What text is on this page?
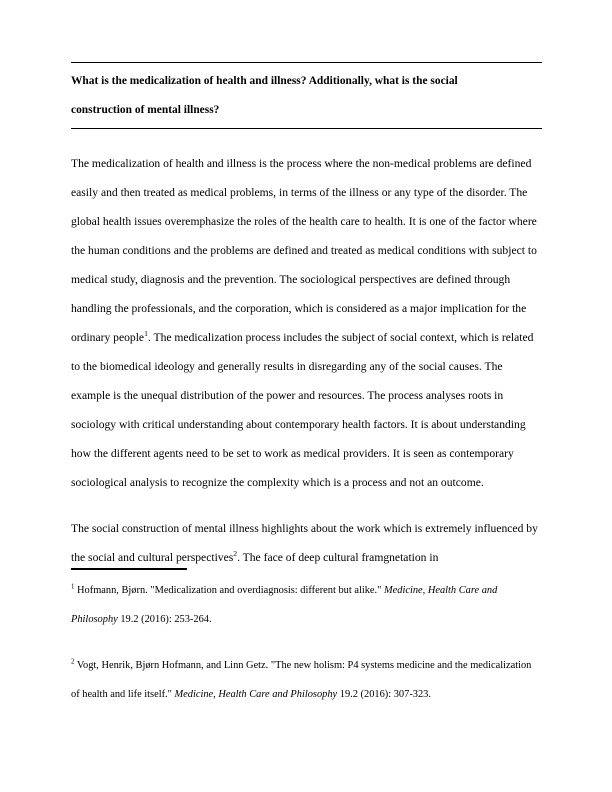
What is the medicalization of health and illness? Additionally, what is the social
construction of mental illness?

The medicalization of health and illness is the process where the non-medical problems are defined easily and then treated as medical problems, in terms of the illness or any type of the disorder. The global health issues overemphasize the roles of the health care to health. It is one of the factor where the human conditions and the problems are defined and treated as medical conditions with subject to medical study, diagnosis and the prevention. The sociological perspectives are defined through handling the professionals, and the corporation, which is considered as a major implication for the ordinary people$^1$. The medicalization process includes the subject of social context, which is related to the biomedical ideology and generally results in disregarding any of the social causes. The example is the unequal distribution of the power and resources. The process analyses roots in sociology with critical understanding about contemporary health factors. It is about understanding how the different agents need to be set to work as medical providers. It is seen as contemporary sociological analysis to recognize the complexity which is a process and not an outcome.

The social construction of mental illness highlights about the work which is extremely influenced by the social and cultural perspectives$^2$. The face of deep cultural framgnetation in

$^1$ Hofmann, Bjørn. "Medicalization and overdiagnosis: different but alike." Medicine, Health Care and Philosophy 19.2 (2016): 253-264.

$^2$ Vogt, Henrik, Bjørn Hofmann, and Linn Getz. "The new holism: P4 systems medicine and the medicalization of health and life itself." Medicine, Health Care and Philosophy 19.2 (2016): 307-323.
